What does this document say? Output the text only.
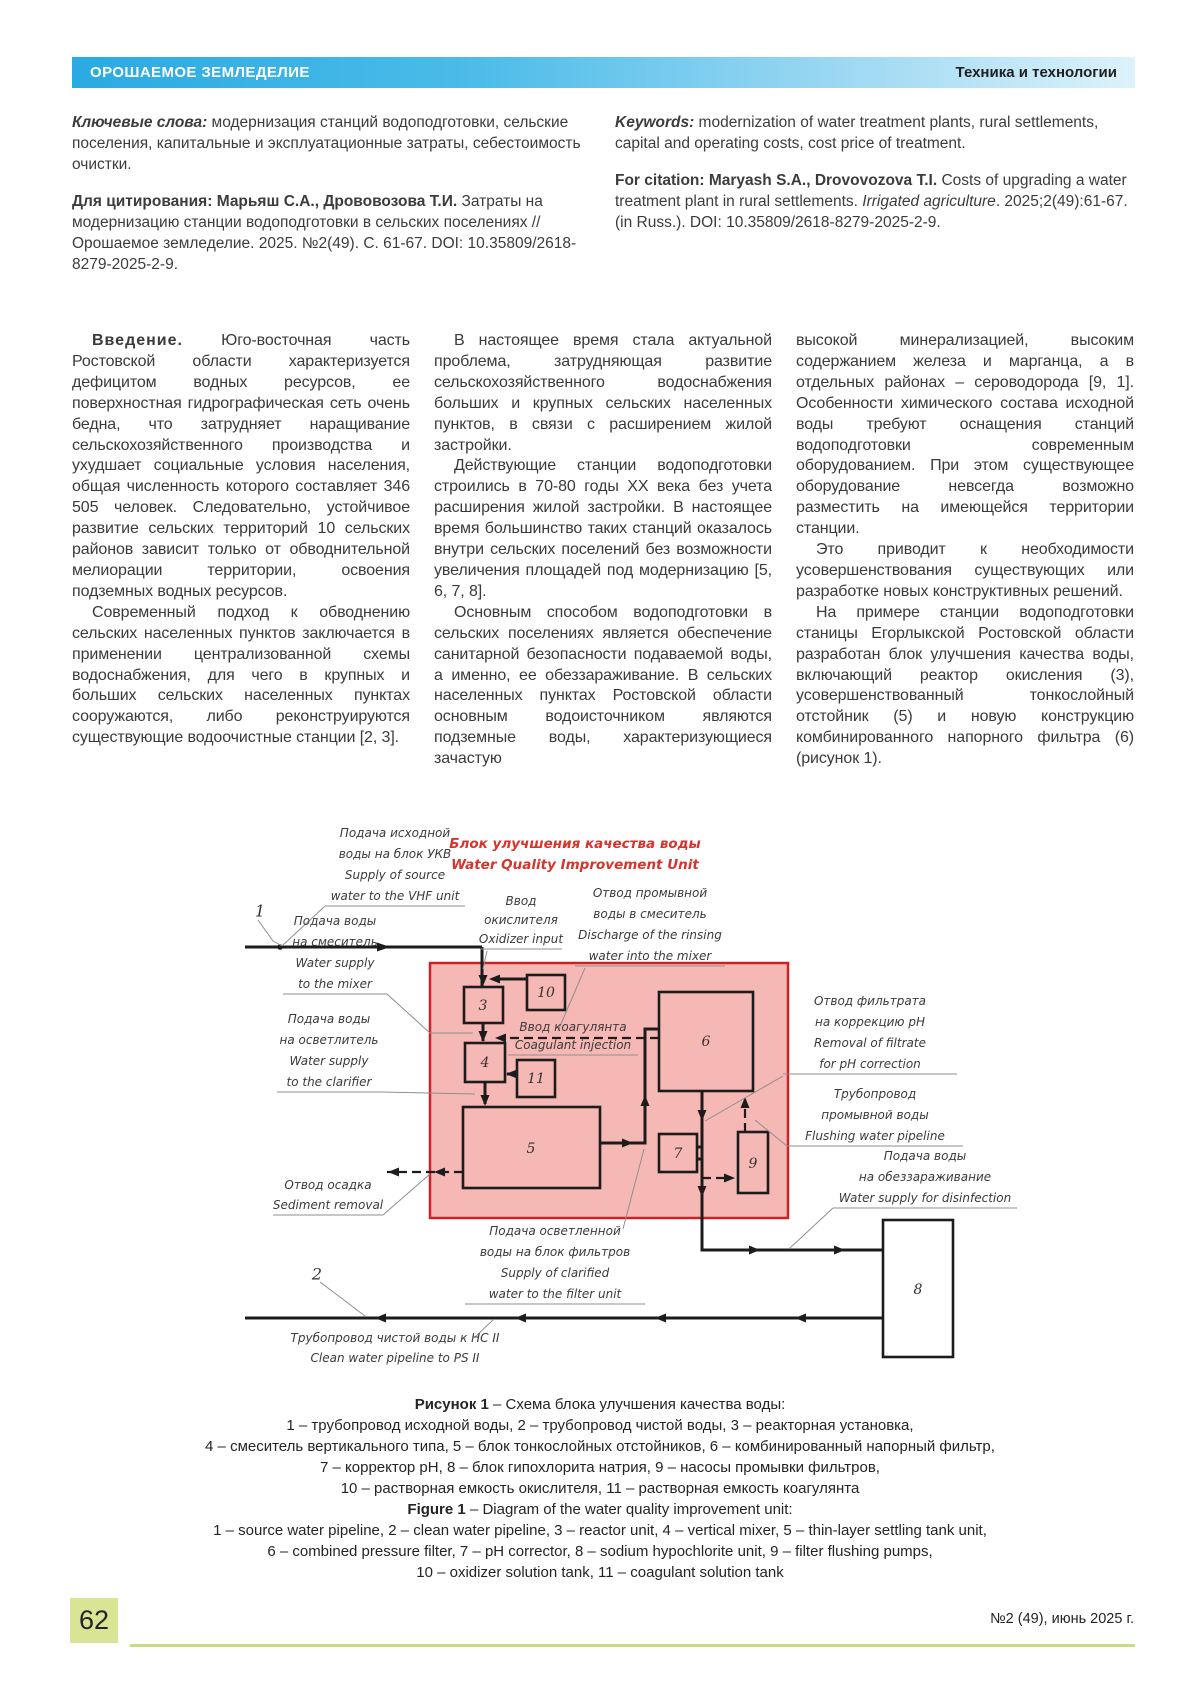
ОРОШАЕМОЕ ЗЕМЛЕДЕЛИЕ	Техника и технологии

Ключевые слова: модернизация станций водоподготовки, сельские поселения, капитальные и эксплуатационные затраты, себестоимость очистки.

Для цитирования: Марьяш С.А., Дрововозова Т.И. Затраты на модернизацию станции водоподготовки в сельских поселениях // Орошаемое земледелие. 2025. №2(49). С. 61-67. DOI: 10.35809/2618-8279-2025-2-9.

Keywords: modernization of water treatment plants, rural settlements, capital and operating costs, cost price of treatment.

For citation: Maryash S.A., Drovovozova T.I. Costs of upgrading a water treatment plant in rural settlements. Irrigated agriculture. 2025;2(49):61-67. (in Russ.). DOI: 10.35809/2618-8279-2025-2-9.

Введение. Юго-восточная часть Ростовской области характеризуется дефицитом водных ресурсов, ее поверхностная гидрографическая сеть очень бедна, что затрудняет наращивание сельскохозяйственного производства и ухудшает социальные условия населения, общая численность которого составляет 346 505 человек. Следовательно, устойчивое развитие сельских территорий 10 сельских районов зависит только от обводнительной мелиорации территории, освоения подземных водных ресурсов.

Современный подход к обводнению сельских населенных пунктов заключается в применении централизованной схемы водоснабжения, для чего в крупных и больших сельских населенных пунктах сооружаются, либо реконструируются существующие водоочистные станции [2, 3].

В настоящее время стала актуальной проблема, затрудняющая развитие сельскохозяйственного водоснабжения больших и крупных сельских населенных пунктов, в связи с расширением жилой застройки.

Действующие станции водоподготовки строились в 70-80 годы ХХ века без учета расширения жилой застройки. В настоящее время большинство таких станций оказалось внутри сельских поселений без возможности увеличения площадей под модернизацию [5, 6, 7, 8].

Основным способом водоподготовки в сельских поселениях является обеспечение санитарной безопасности подаваемой воды, а именно, ее обеззараживание. В сельских населенных пунктах Ростовской области основным водоисточником являются подземные воды, характеризующиеся зачастую

высокой минерализацией, высоким содержанием железа и марганца, а в отдельных районах – сероводорода [9, 1]. Особенности химического состава исходной воды требуют оснащения станций водоподготовки современным оборудованием. При этом существующее оборудование невсегда возможно разместить на имеющейся территории станции.

Это приводит к необходимости усовершенствования существующих или разработке новых конструктивных решений.

На примере станции водоподготовки станицы Егорлыкской Ростовской области разработан блок улучшения качества воды, включающий реактор окисления (3), усовершенствованный тонкослойный отстойник (5) и новую конструкцию комбинированного напорного фильтра (6) (рисунок 1).

3
10
4
11
5
6
7
9
8
1
2
Блок улучшения качества воды
Water Quality Improvement Unit
Подача исходной
воды на блок УКВ
Supply of source
water to the VHF unit	Ввод
окислителя
Oxidizer input
Отвод промывной
воды в смеситель
Discharge of the rinsing
water into the mixer
Подача воды
на смеситель
Water supply
to the mixer
Ввод коагулянта
Coagulant injection
Подача воды
на осветлитель
Water supply
to the clarifier
Отвод фильтрата
на коррекцию рН
Removal of filtrate
for pH correction
Трубопровод
промывной воды
Flushing water pipeline
Отвод осадка
Sediment removal
Подача осветленной
воды на блок фильтров
Supply of clarified
water to the filter unit
Подача воды
на обеззараживание
Water supply for disinfection
Трубопровод чистой воды к НС II
Clean water pipeline to PS II

Рисунок 1 – Схема блока улучшения качества воды:

1 – трубопровод исходной воды, 2 – трубопровод чистой воды, 3 – реакторная установка,

4 – смеситель вертикального типа, 5 – блок тонкослойных отстойников, 6 – комбинированный напорный фильтр,

7 – корректор рН, 8 – блок гипохлорита натрия, 9 – насосы промывки фильтров,

10 – растворная емкость окислителя, 11 – растворная емкость коагулянта

Figure 1 – Diagram of the water quality improvement unit:

1 – source water pipeline, 2 – clean water pipeline, 3 – reactor unit, 4 – vertical mixer, 5 – thin-layer settling tank unit,

6 – combined pressure filter, 7 – pH corrector, 8 – sodium hypochlorite unit, 9 – filter flushing pumps,

10 – oxidizer solution tank, 11 – coagulant solution tank

62	№2 (49), июнь 2025 г.
